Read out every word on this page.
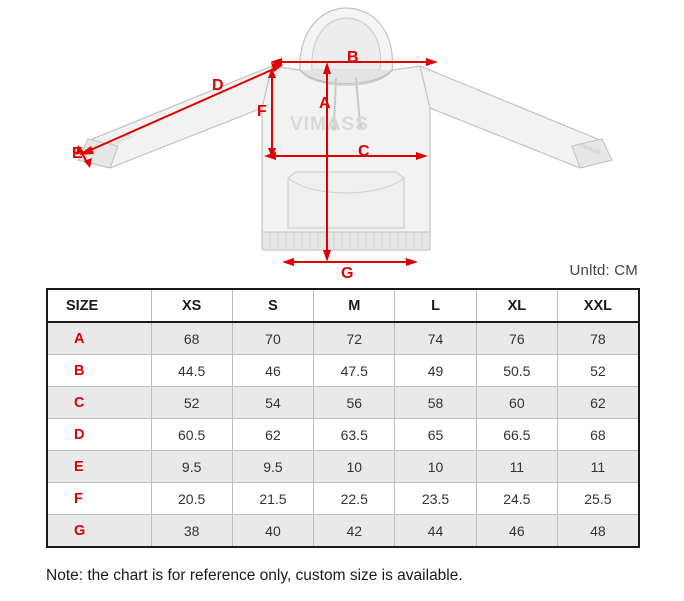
VIMASS
VIMASS
VIMASS
A
B
C
D
E
F
G	Unltd: CM
SIZE	XS	S	M	L	XL	XXL
A	68	70	72	74	76	78
B	44.5	46	47.5	49	50.5	52
C	52	54	56	58	60	62
D	60.5	62	63.5	65	66.5	68
E	9.5	9.5	10	10	11	11
F	20.5	21.5	22.5	23.5	24.5	25.5
G	38	40	42	44	46	48
Note: the chart is for reference only, custom size is available.
